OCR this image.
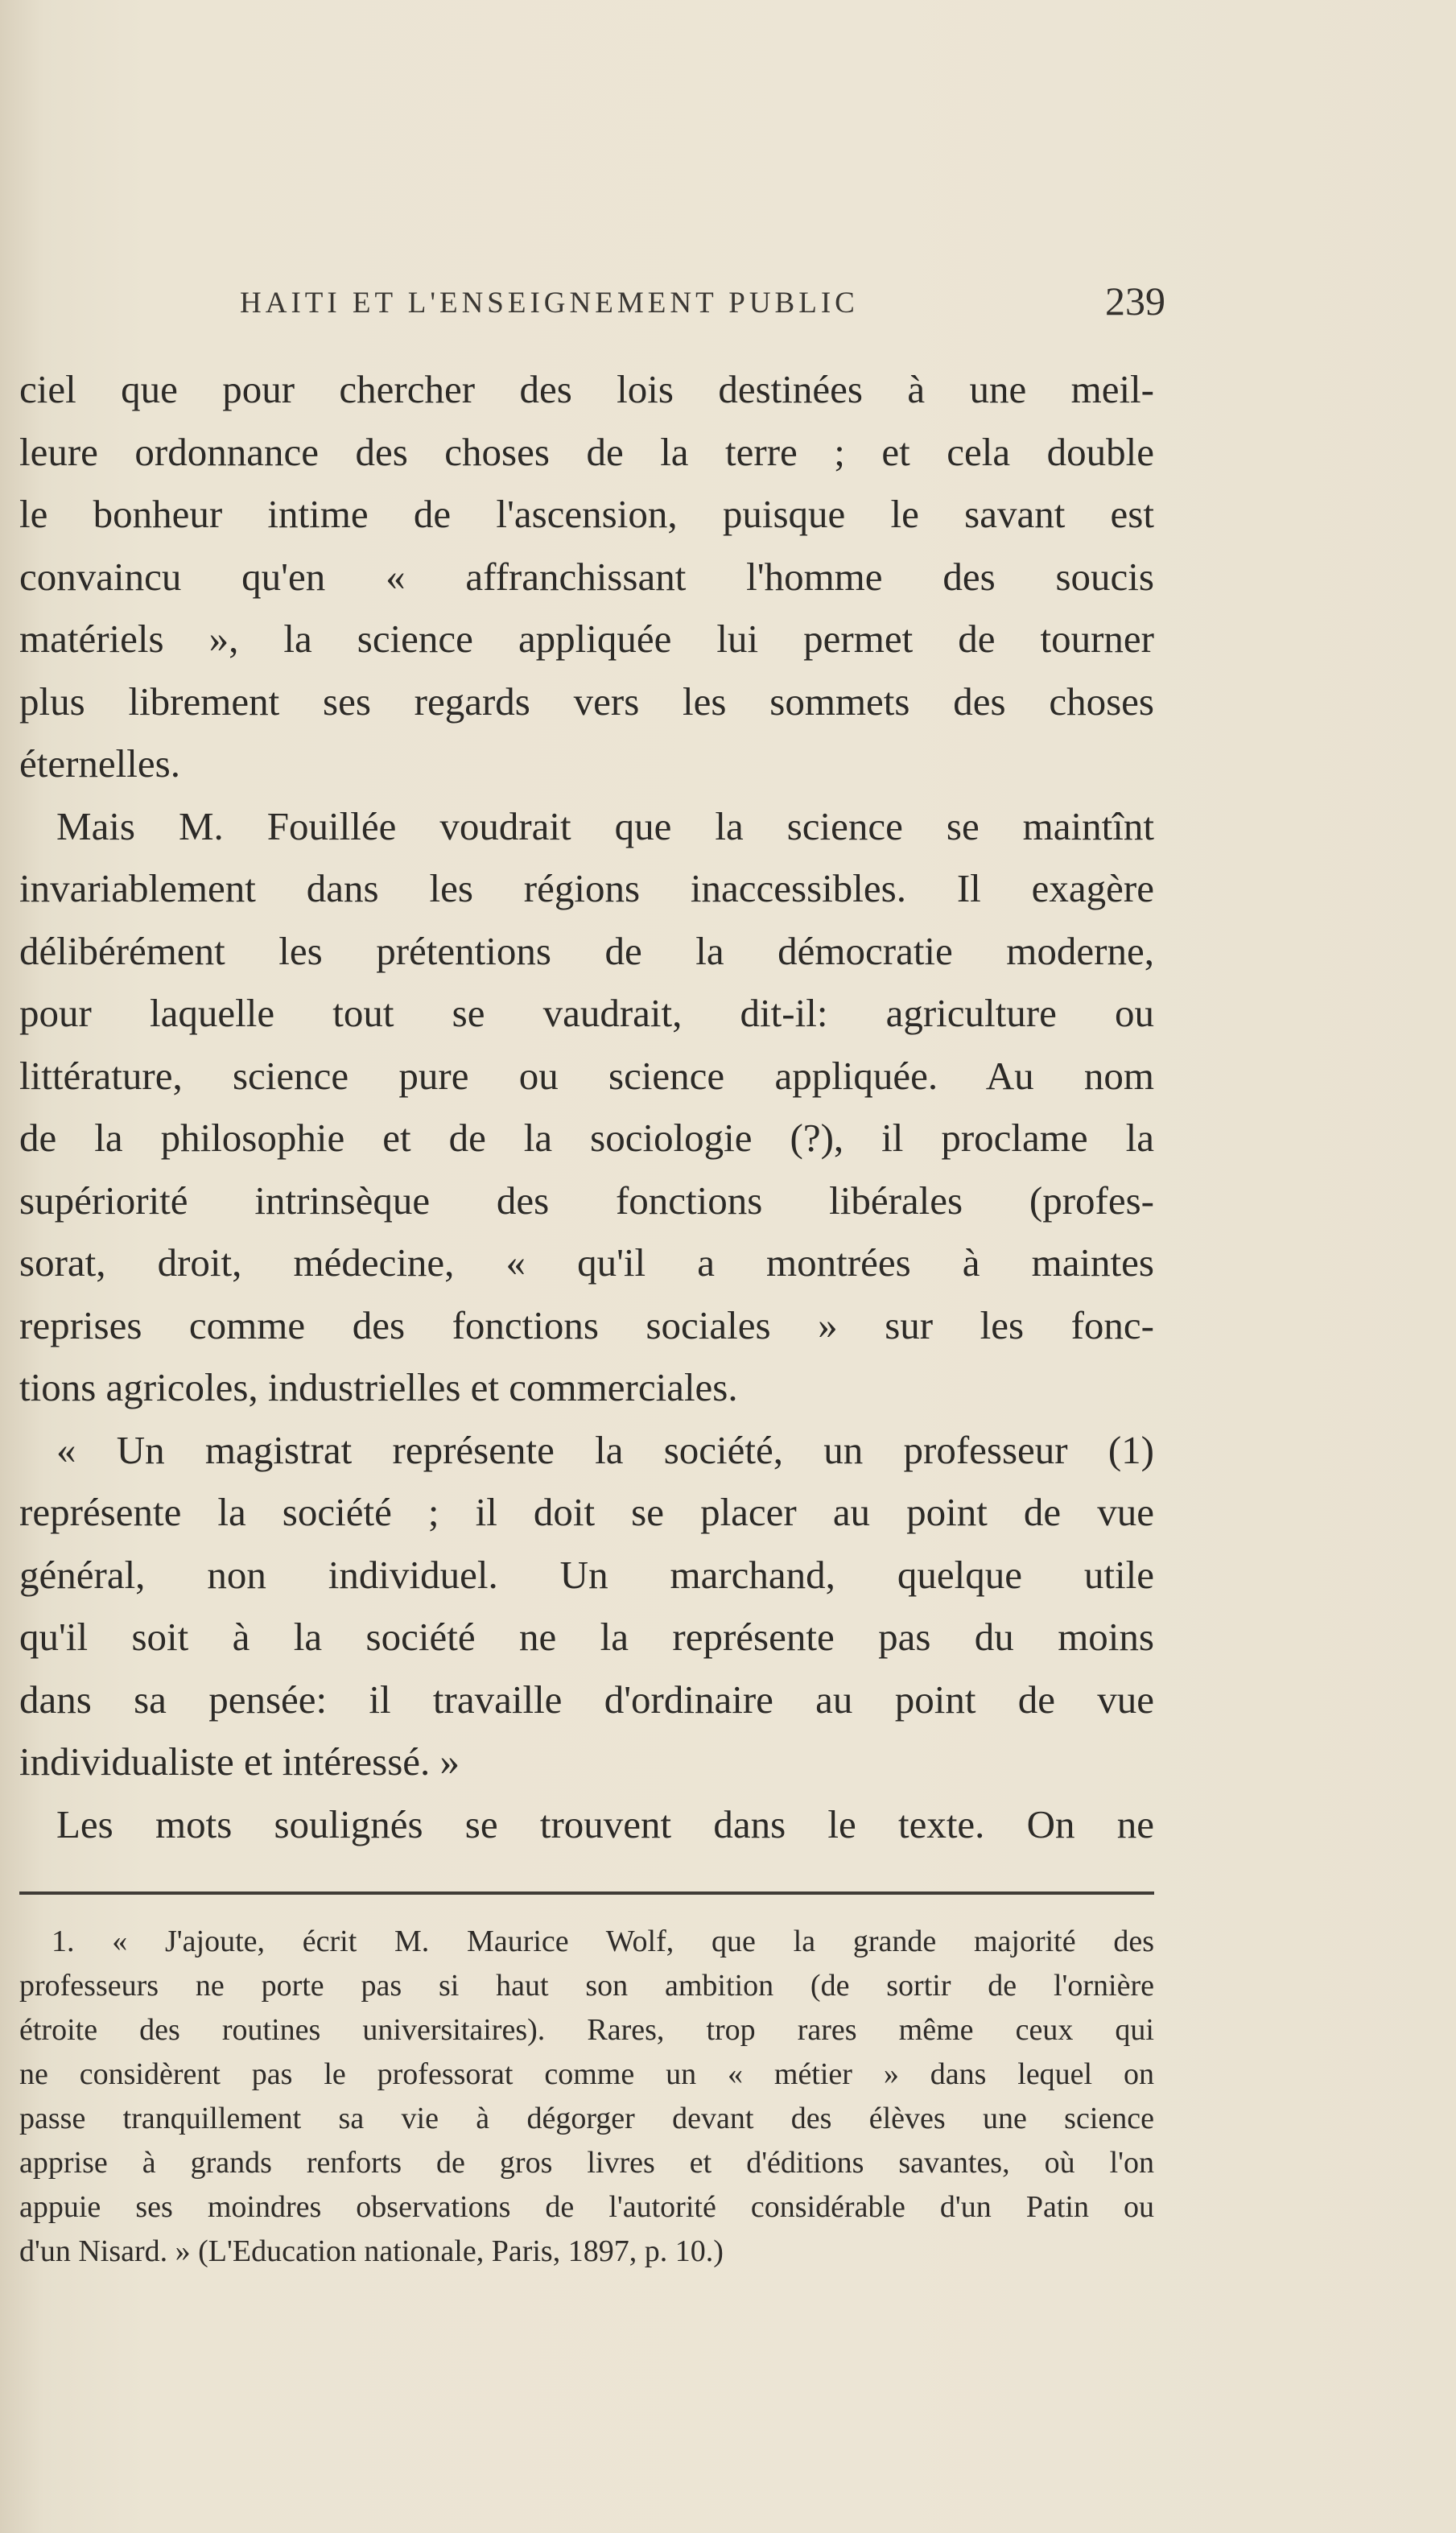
HAITI ET L'ENSEIGNEMENT PUBLIC	239
ciel que pour chercher des lois destinées à une meil-
leure ordonnance des choses de la terre ; et cela double
le bonheur intime de l'ascension, puisque le savant est
convaincu qu'en « affranchissant l'homme des soucis
matériels », la science appliquée lui permet de tourner
plus librement ses regards vers les sommets des choses
éternelles.
Mais M. Fouillée voudrait que la science se maintînt
invariablement dans les régions inaccessibles. Il exagère
délibérément les prétentions de la démocratie moderne,
pour laquelle tout se vaudrait, dit-il: agriculture ou
littérature, science pure ou science appliquée. Au nom
de la philosophie et de la sociologie (?), il proclame la
supériorité intrinsèque des fonctions libérales (profes-
sorat, droit, médecine, « qu'il a montrées à maintes
reprises comme des fonctions sociales » sur les fonc-
tions agricoles, industrielles et commerciales.
« Un magistrat représente la société, un professeur (1)
représente la société ; il doit se placer au point de vue
général, non individuel. Un marchand, quelque utile
qu'il soit à la société ne la représente pas du moins
dans sa pensée: il travaille d'ordinaire au point de vue
individualiste et intéressé. »
Les mots soulignés se trouvent dans le texte. On ne
1. « J'ajoute, écrit M. Maurice Wolf, que la grande majorité des
professeurs ne porte pas si haut son ambition (de sortir de l'ornière
étroite des routines universitaires). Rares, trop rares même ceux qui
ne considèrent pas le professorat comme un « métier » dans lequel on
passe tranquillement sa vie à dégorger devant des élèves une science
apprise à grands renforts de gros livres et d'éditions savantes, où l'on
appuie ses moindres observations de l'autorité considérable d'un Patin ou
d'un Nisard. » (L'Education nationale, Paris, 1897, p. 10.)
